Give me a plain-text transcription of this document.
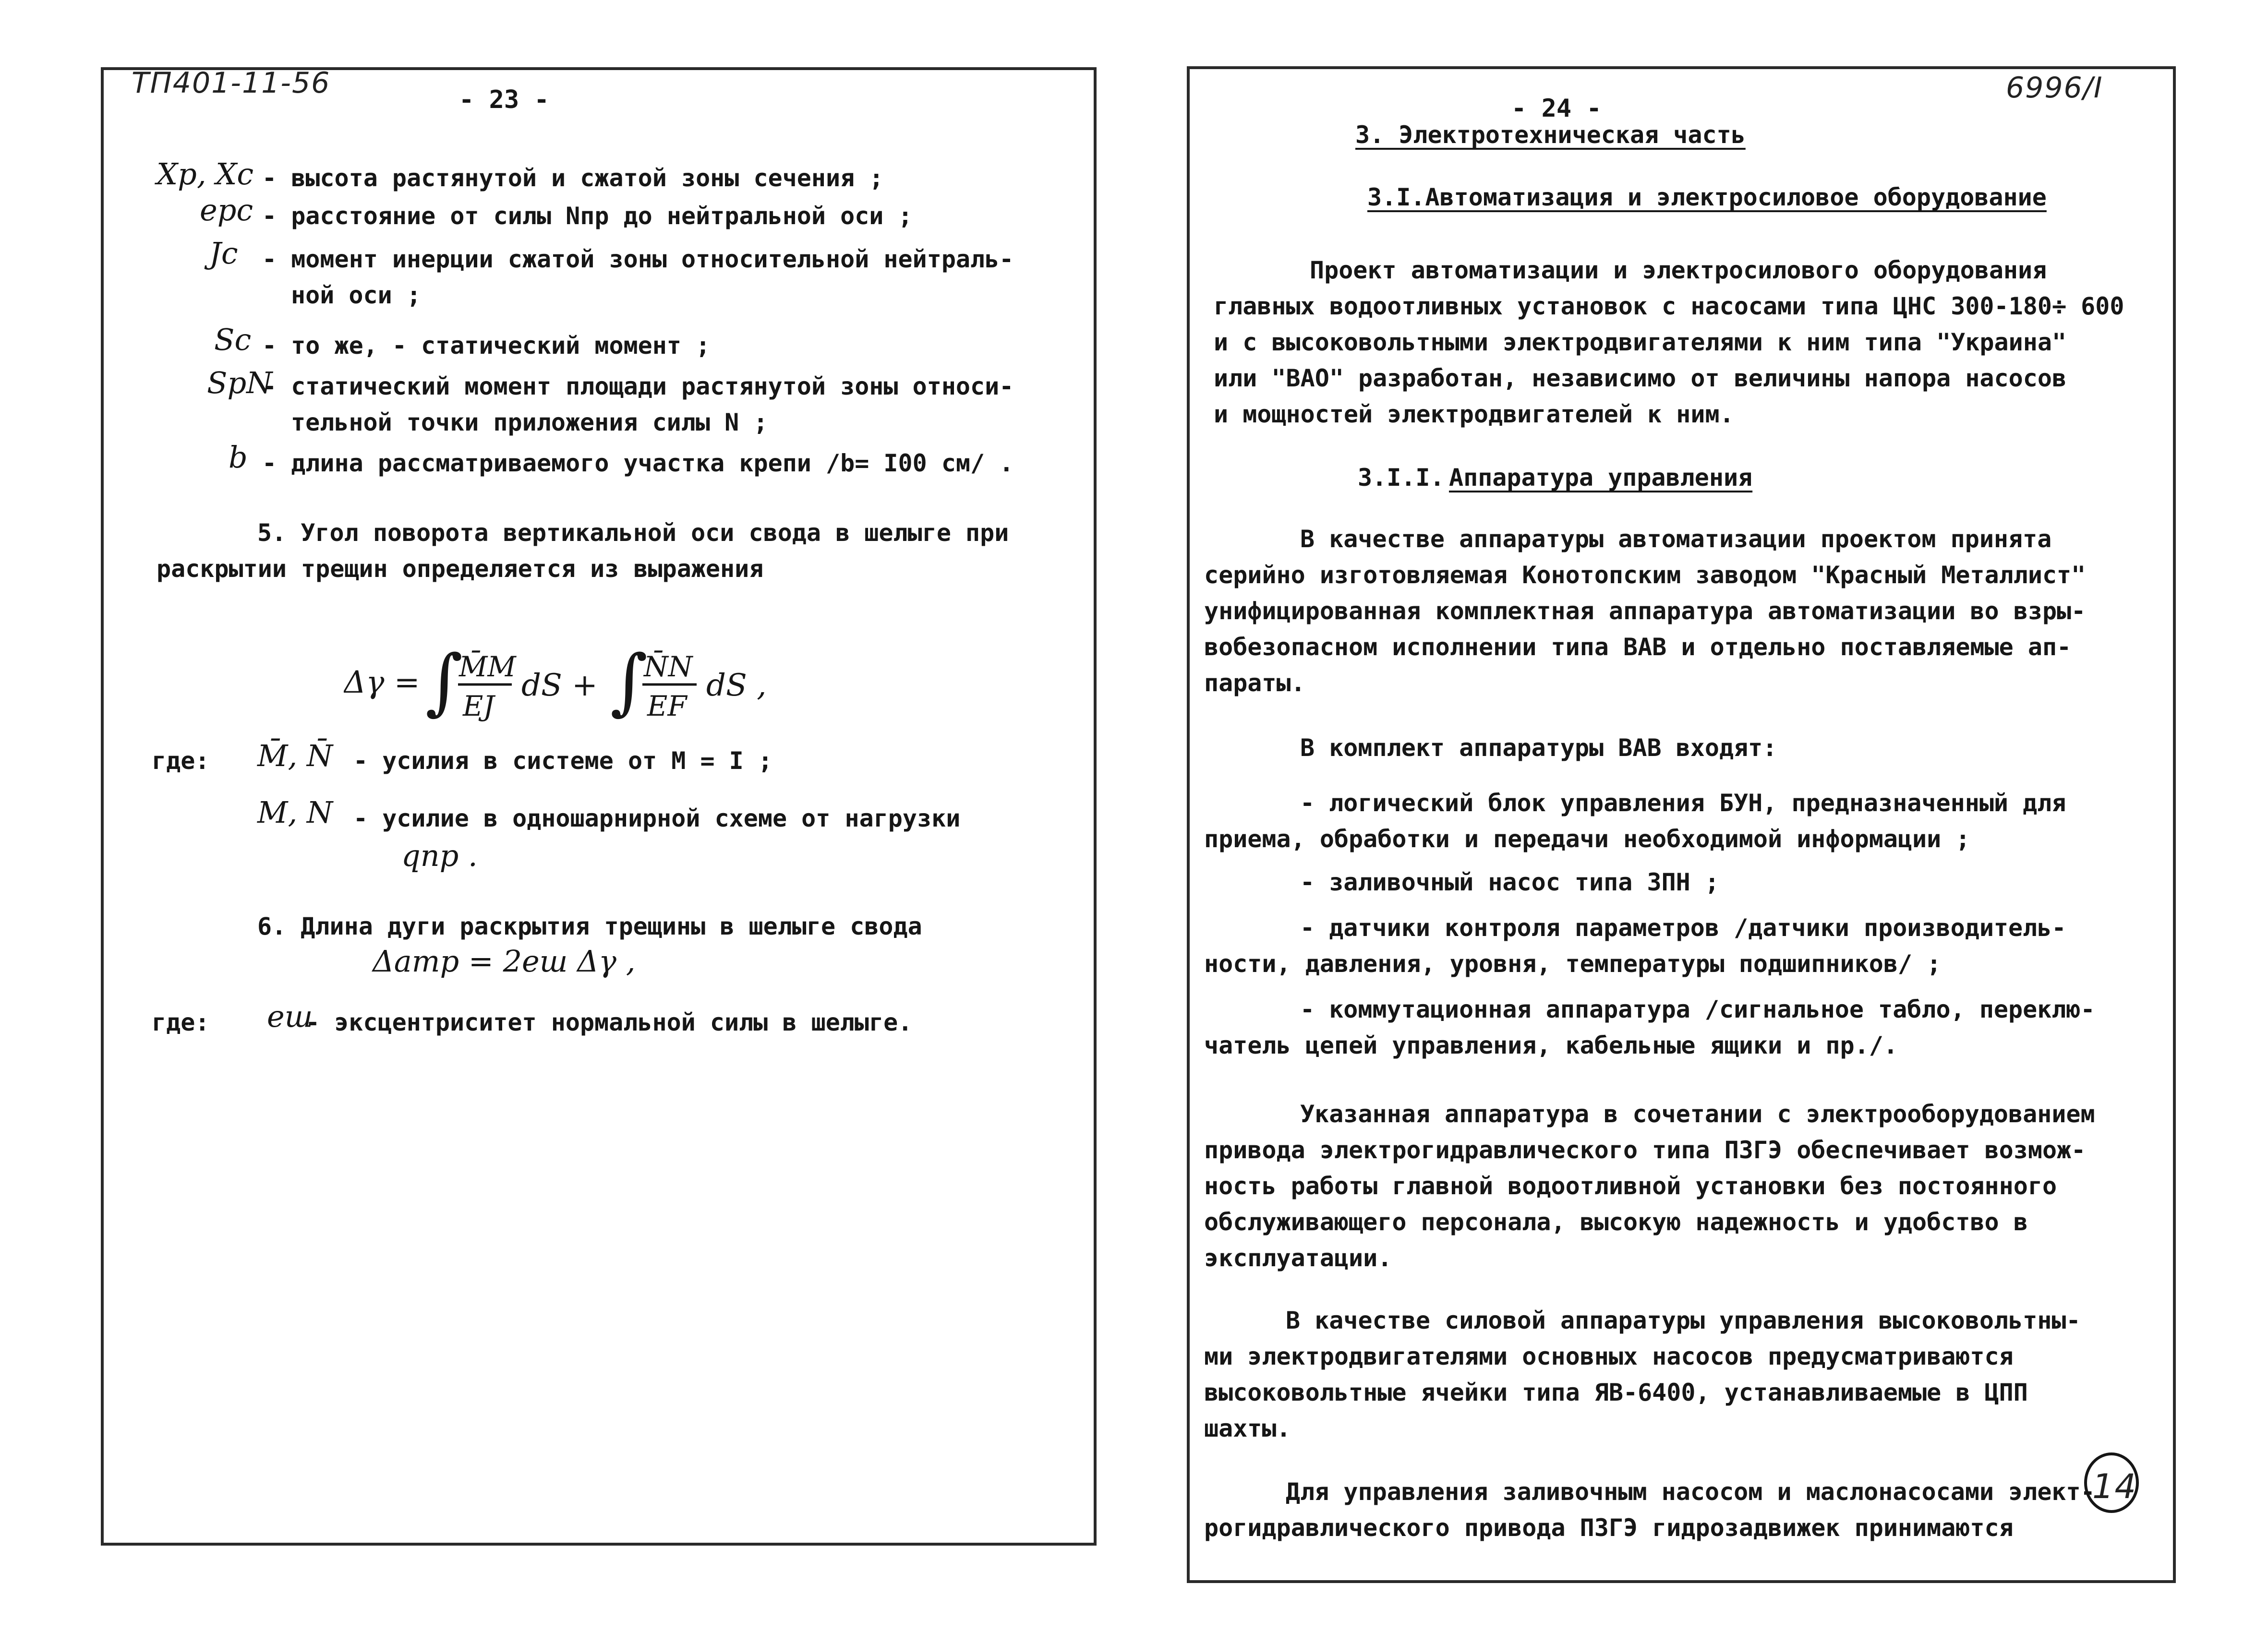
ТП401-11-56	- 23 -
Xp, Xc - высота растянутой и сжатой зоны сечения ;
epc - расстояние от силы Nпр до нейтральной оси ;
Jc - момент инерции сжатой зоны относительной нейтраль-
ной оси ;
Sc - то же, - статический момент ;
SpN
- статический момент площади растянутой зоны относи-
тельной точки приложения силы N ;
b - длина рассматриваемого участка крепи /b= I00 см/ .
5. Угол поворота вертикальной оси свода в шелыге при
раскрытии трещин определяется из выражения
Δγ = ∫
M̄M
EJ
dS + ∫
N̄N
EF
dS ,
где: M̄, N̄ - усилия в системе от M = I ;
M, N - усилие в одношарнирной схеме от нагрузки
qпр .
6. Длина дуги раскрытия трещины в шелыге свода
Δaтр = 2eш Δγ ,
где: eш
- эксцентриситет нормальной силы в шелыге.
6996/I
- 24 -
3. Электротехническая часть
3.I.Автоматизация и электросиловое оборудование
Проект автоматизации и электросилового оборудования
главных водоотливных установок с насосами типа ЦНС 300-180÷ 600
и с высоковольтными электродвигателями к ним типа "Украина"
или "ВАО" разработан, независимо от величины напора насосов
и мощностей электродвигателей к ним.
3.I.I. Аппаратура управления
В качестве аппаратуры автоматизации проектом принята
серийно изготовляемая Конотопским заводом "Красный Металлист"
унифицированная комплектная аппаратура автоматизации во взры-
вобезопасном исполнении типа ВАВ и отдельно поставляемые ап-
параты.
В комплект аппаратуры ВАВ входят:
- логический блок управления БУН, предназначенный для
приема, обработки и передачи необходимой информации ;
- заливочный насос типа ЗПН ;
- датчики контроля параметров /датчики производитель-
ности, давления, уровня, температуры подшипников/ ;
- коммутационная аппаратура /сигнальное табло, переклю-
чатель цепей управления, кабельные ящики и пр./.
Указанная аппаратура в сочетании с электрооборудованием
привода электрогидравлического типа ПЗГЭ обеспечивает возмож-
ность работы главной водоотливной установки без постоянного
обслуживающего персонала, высокую надежность и удобство в
эксплуатации.
В качестве силовой аппаратуры управления высоковольтны-
ми электродвигателями основных насосов предусматриваются
высоковольтные ячейки типа ЯВ-6400, устанавливаемые в ЦПП
шахты.
Для управления заливочным насосом и маслонасосами элект-
рогидравлического привода ПЗГЭ гидрозадвижек принимаются
14
